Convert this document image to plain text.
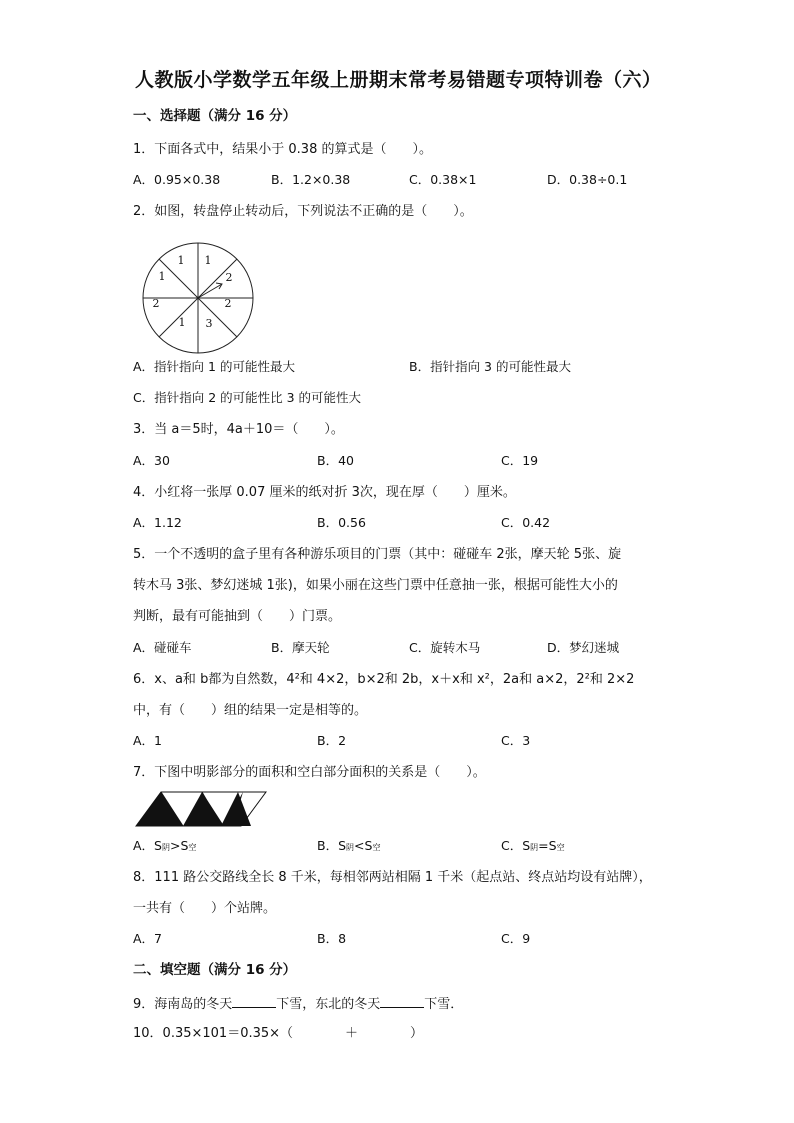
人教版小学数学五年级上册期末常考易错题专项特训卷（六）
一、选择题（满分 16 分）
1．下面各式中，结果小于 0.38 的算式是（　　）。
A．0.95×0.38	B．1.2×0.38	C．0.38×1	D．0.38÷0.1
2．如图，转盘停止转动后，下列说法不正确的是（　　）。
1 1
1	2
2	2
1 3
A．指针指向 1 的可能性最大	B．指针指向 3 的可能性最大
C．指针指向 2 的可能性比 3 的可能性大
3．当 a＝5时，4a＋10＝（　　）。
A．30	B．40	C．19
4．小红将一张厚 0.07 厘米的纸对折 3次，现在厚（　　）厘米。
A．1.12	B．0.56	C．0.42
5．一个不透明的盒子里有各种游乐项目的门票（其中：碰碰车 2张，摩天轮 5张、旋
转木马 3张、梦幻迷城 1张)，如果小丽在这些门票中任意抽一张，根据可能性大小的
判断，最有可能抽到（　　）门票。
A．碰碰车	B．摩天轮	C．旋转木马	D．梦幻迷城
6．x、a和 b都为自然数，4²和 4×2，b×2和 2b，x＋x和 x²，2a和 a×2，2²和 2×2
中，有（　　）组的结果一定是相等的。
A．1	B．2	C．3
7．下图中明影部分的面积和空白部分面积的关系是（　　）。
A．S阴>S空	B．S阴<S空	C．S阴=S空
8．111 路公交路线全长 8 千米，每相邻两站相隔 1 千米（起点站、终点站均设有站牌），
一共有（　　）个站牌。
A．7	B．8	C．9
二、填空题（满分 16 分）
9．海南岛的冬天	下雪，东北的冬天	下雪．
10．0.35×101＝0.35×（　　　　＋　　　　）
